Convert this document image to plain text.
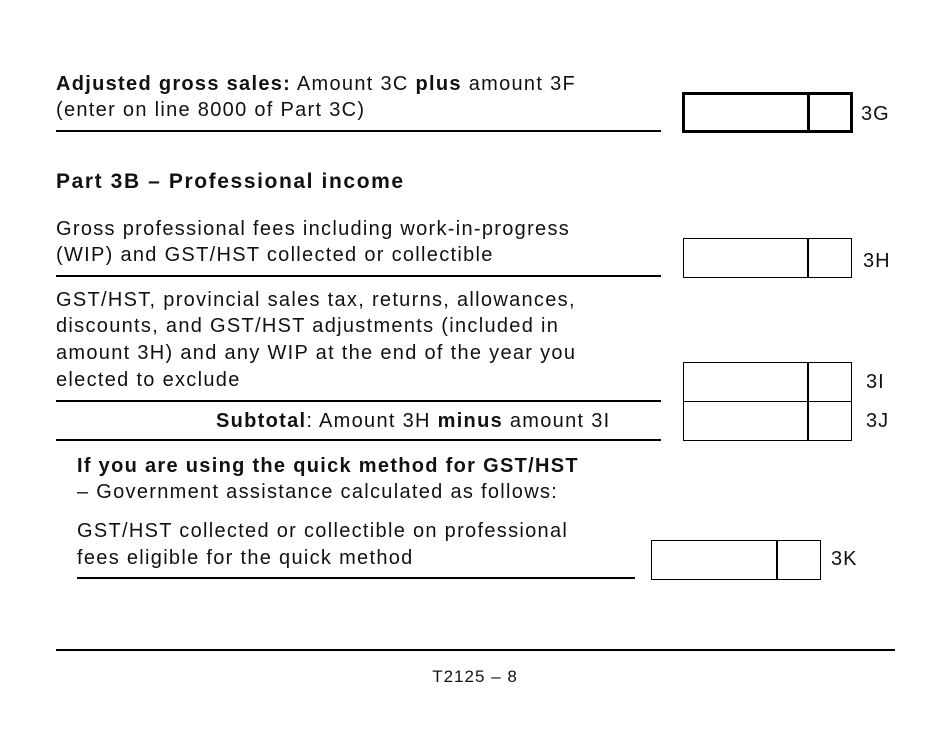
Adjusted gross sales: Amount 3C plus amount 3F
(enter on line 8000 of Part 3C)	3G
Part 3B – Professional income
Gross professional fees including work-in-progress
(WIP) and GST/HST collected or collectible	3H
GST/HST, provincial sales tax, returns, allowances,
discounts, and GST/HST adjustments (included in
amount 3H) and any WIP at the end of the year you
elected to exclude	3I
Subtotal: Amount 3H minus amount 3I	3J
If you are using the quick method for GST/HST
– Government assistance calculated as follows:
GST/HST collected or collectible on professional
fees eligible for the quick method	3K
T2125 – 8
